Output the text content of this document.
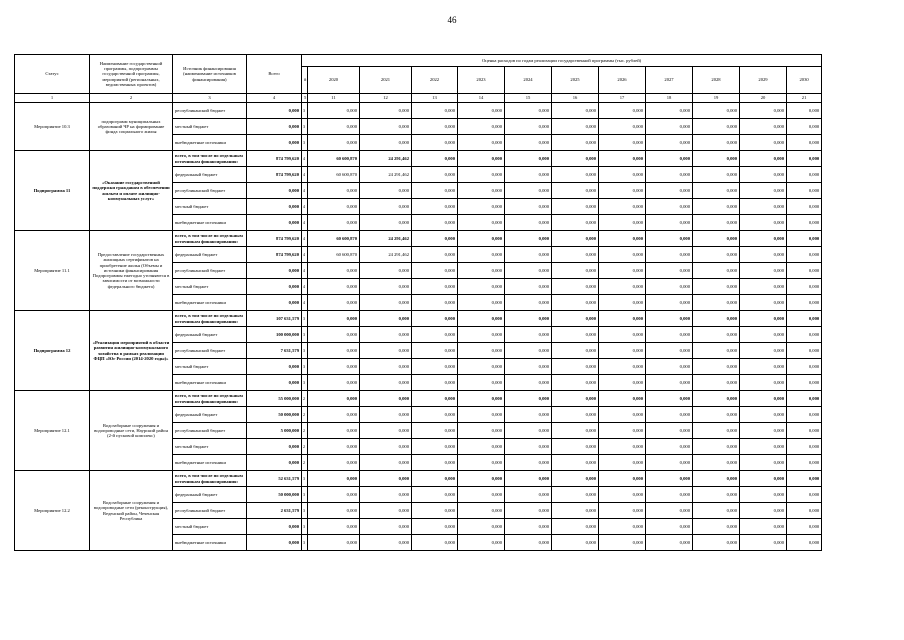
46
Статус	Наименование государственной программы, подпрограммы государственной программы, мероприятий (региональных, ведомственных проектов)	Источник финансирования (наименование источников финансирования)	Всего	Оценка расходов по годам реализации государственной программы (тыс. рублей)											
				#	2020	2021	2022	2023	2024	2025	2026	2027	2028	2029	2030
1	2	3	4	5	11	12	13	14	15	16	17	18	19	20	21
Мероприятие 10.3	подпрограмм муниципальных образований ЧР на формирование фонда социального жилья	республиканский бюджет	0,000	3	0,000	0,000	0,000	0,000	0,000	0,000	0,000	0,000	0,000	0,000	0,000
		местный бюджет	0,000	3	0,000	0,000	0,000	0,000	0,000	0,000	0,000	0,000	0,000	0,000	0,000
		внебюджетные источники	0,000	3	0,000	0,000	0,000	0,000	0,000	0,000	0,000	0,000	0,000	0,000	0,000
Подпрограмма 11	«Оказание государственной поддержки гражданам в обеспечении жильем и оплате жилищно-коммунальных услуг»	всего, в том числе по отдельным источникам финансирования:	874 799,620	4	60 600,870	24 291,462	0,000	0,000	0,000	0,000	0,000	0,000	0,000	0,000	0,000
		федеральный бюджет	874 799,620	4	60 600,870	24 291,462	0,000	0,000	0,000	0,000	0,000	0,000	0,000	0,000	0,000
		республиканский бюджет	0,000	4	0,000	0,000	0,000	0,000	0,000	0,000	0,000	0,000	0,000	0,000	0,000
		местный бюджет	0,000	4	0,000	0,000	0,000	0,000	0,000	0,000	0,000	0,000	0,000	0,000	0,000
		внебюджетные источники	0,000	4	0,000	0,000	0,000	0,000	0,000	0,000	0,000	0,000	0,000	0,000	0,000
Мероприятие 11.1	Предоставление государственных жилищных сертификатов на приобретение жилья (Объемы и источники финансирования Подпрограммы ежегодно уточняются в зависимости от возможности федерального бюджета)	всего, в том числе по отдельным источникам финансирования:	874 799,620	4	60 600,870	24 291,462	0,000	0,000	0,000	0,000	0,000	0,000	0,000	0,000	0,000
		федеральный бюджет	874 799,620	4	60 600,870	24 291,462	0,000	0,000	0,000	0,000	0,000	0,000	0,000	0,000	0,000
		республиканский бюджет	0,000	4	0,000	0,000	0,000	0,000	0,000	0,000	0,000	0,000	0,000	0,000	0,000
		местный бюджет	0,000	4	0,000	0,000	0,000	0,000	0,000	0,000	0,000	0,000	0,000	0,000	0,000
		внебюджетные источники	0,000	4	0,000	0,000	0,000	0,000	0,000	0,000	0,000	0,000	0,000	0,000	0,000
Подпрограмма 12	«Реализация мероприятий в области развития жилищно-коммунального хозяйства в рамках реализации ФЦП «Юг России (2014-2020 годы)»	всего, в том числе по отдельным источникам финансирования:	107 631,579	3	0,000	0,000	0,000	0,000	0,000	0,000	0,000	0,000	0,000	0,000	0,000
		федеральный бюджет	100 000,000	3	0,000	0,000	0,000	0,000	0,000	0,000	0,000	0,000	0,000	0,000	0,000
		республиканский бюджет	7 631,579	3	0,000	0,000	0,000	0,000	0,000	0,000	0,000	0,000	0,000	0,000	0,000
		местный бюджет	0,000	3	0,000	0,000	0,000	0,000	0,000	0,000	0,000	0,000	0,000	0,000	0,000
		внебюджетные источники	0,000	3	0,000	0,000	0,000	0,000	0,000	0,000	0,000	0,000	0,000	0,000	0,000
Мероприятие 12.1	Водозаборные сооружения и водопроводные сети, Наурский район (2-й пусковой комплекс)	всего, в том числе по отдельным источникам финансирования:	55 000,000	2	0,000	0,000	0,000	0,000	0,000	0,000	0,000	0,000	0,000	0,000	0,000
		федеральный бюджет	50 000,000	2	0,000	0,000	0,000	0,000	0,000	0,000	0,000	0,000	0,000	0,000	0,000
		республиканский бюджет	5 000,000	2	0,000	0,000	0,000	0,000	0,000	0,000	0,000	0,000	0,000	0,000	0,000
		местный бюджет	0,000	2	0,000	0,000	0,000	0,000	0,000	0,000	0,000	0,000	0,000	0,000	0,000
		внебюджетные источники	0,000	2	0,000	0,000	0,000	0,000	0,000	0,000	0,000	0,000	0,000	0,000	0,000
Мероприятие 12.2	Водозаборные сооружения и водопроводные сети (реконструкция), Веденский район, Чеченская Республика	всего, в том числе по отдельным источникам финансирования:	52 631,579	3	0,000	0,000	0,000	0,000	0,000	0,000	0,000	0,000	0,000	0,000	0,000
		федеральный бюджет	50 000,000	3	0,000	0,000	0,000	0,000	0,000	0,000	0,000	0,000	0,000	0,000	0,000
		республиканский бюджет	2 631,579	3	0,000	0,000	0,000	0,000	0,000	0,000	0,000	0,000	0,000	0,000	0,000
		местный бюджет	0,000	3	0,000	0,000	0,000	0,000	0,000	0,000	0,000	0,000	0,000	0,000	0,000
		внебюджетные источники	0,000	3	0,000	0,000	0,000	0,000	0,000	0,000	0,000	0,000	0,000	0,000	0,000
